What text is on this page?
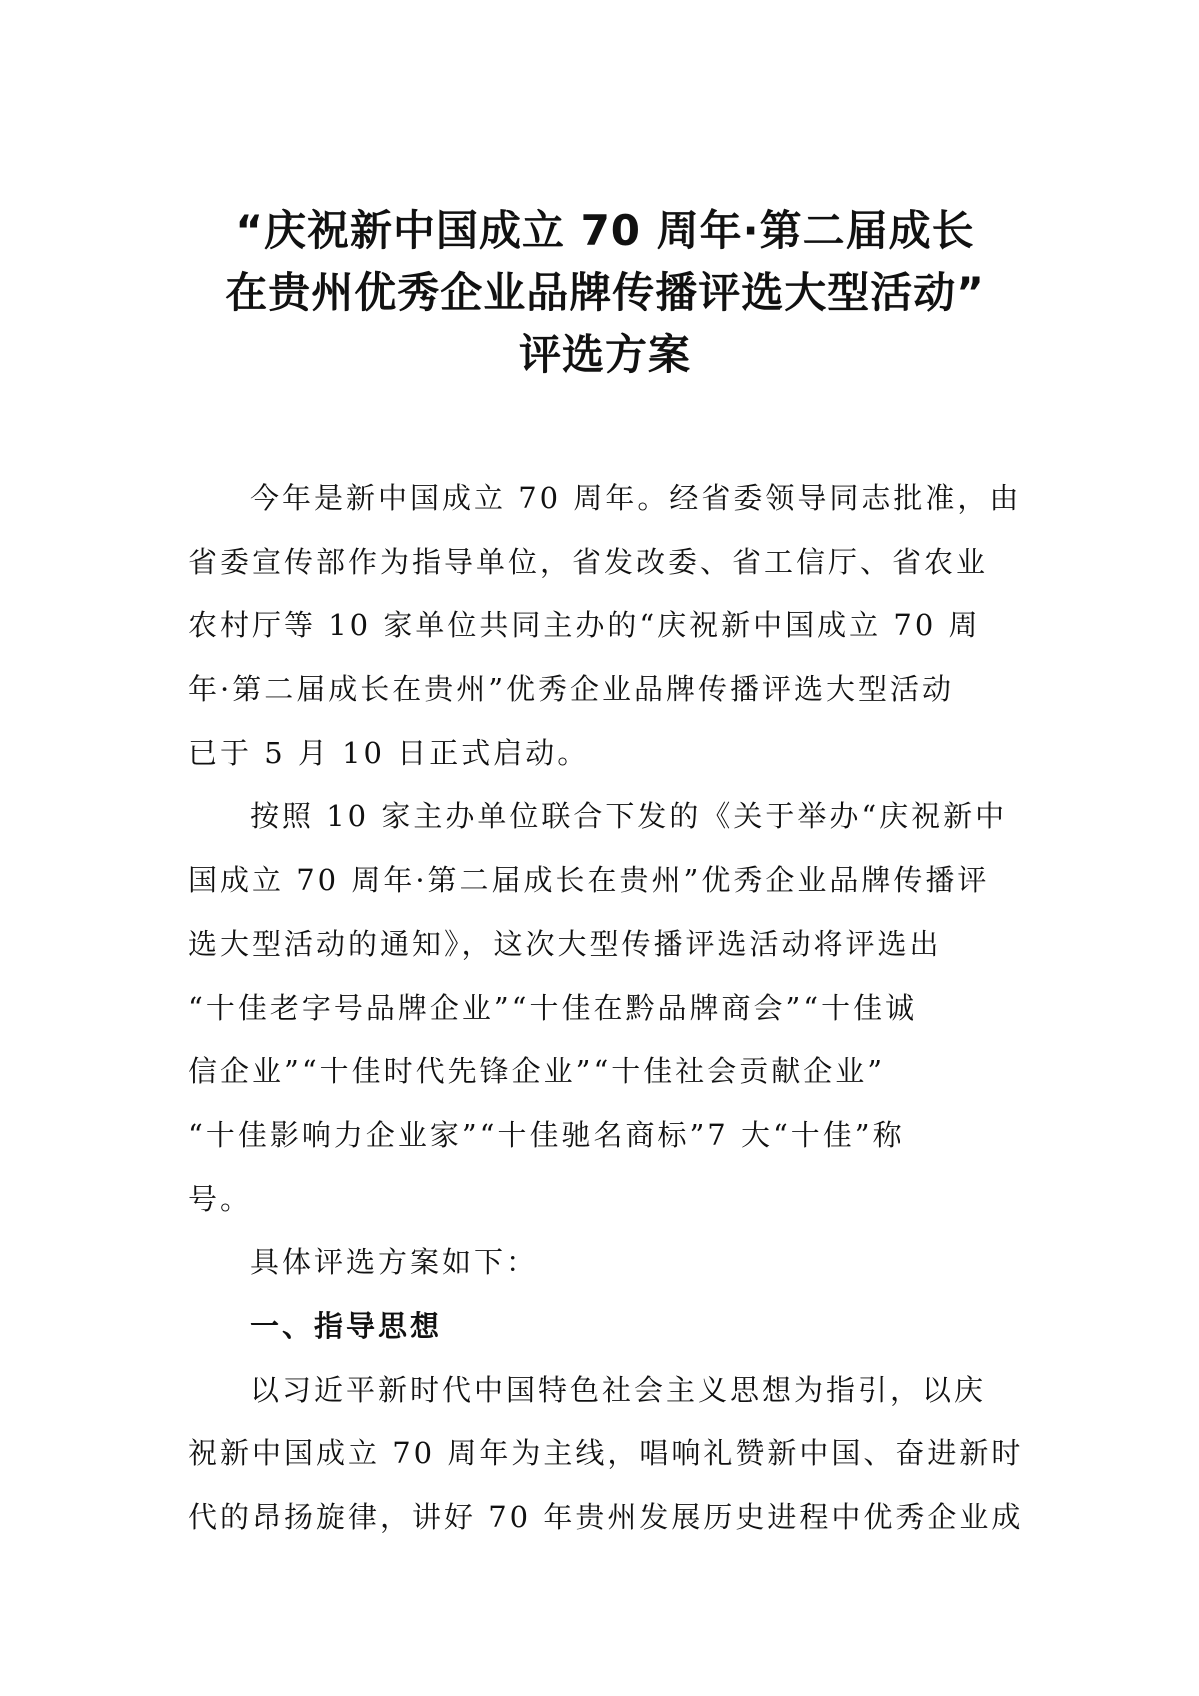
“庆祝新中国成立 70 周年·第二届成长
在贵州优秀企业品牌传播评选大型活动”
评选方案
今年是新中国成立 70 周年。经省委领导同志批准，由
省委宣传部作为指导单位，省发改委、省工信厅、省农业
农村厅等 10 家单位共同主办的“庆祝新中国成立 70 周
年·第二届成长在贵州”优秀企业品牌传播评选大型活动
已于 5 月 10 日正式启动。
按照 10 家主办单位联合下发的《关于举办“庆祝新中
国成立 70 周年·第二届成长在贵州”优秀企业品牌传播评
选大型活动的通知》，这次大型传播评选活动将评选出
“十佳老字号品牌企业”“十佳在黔品牌商会”“十佳诚
信企业”“十佳时代先锋企业”“十佳社会贡献企业”
“十佳影响力企业家”“十佳驰名商标”7 大“十佳”称
号。
具体评选方案如下：
一、指导思想
以习近平新时代中国特色社会主义思想为指引，以庆
祝新中国成立 70 周年为主线，唱响礼赞新中国、奋进新时
代的昂扬旋律，讲好 70 年贵州发展历史进程中优秀企业成
